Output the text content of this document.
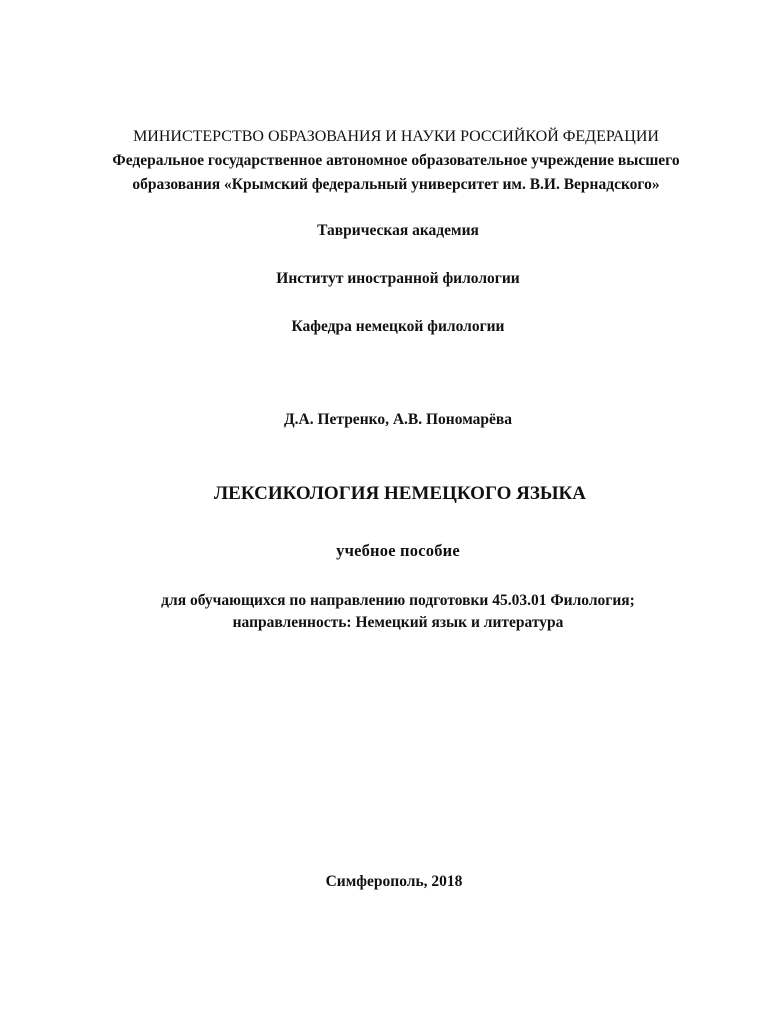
МИНИСТЕРСТВО ОБРАЗОВАНИЯ И НАУКИ РОССИЙКОЙ ФЕДЕРАЦИИ
Федеральное государственное автономное образовательное учреждение высшего
образования «Крымский федеральный университет им. В.И. Вернадского»
Таврическая академия
Институт иностранной филологии
Кафедра немецкой филологии
Д.А. Петренко, А.В. Пономарёва
ЛЕКСИКОЛОГИЯ НЕМЕЦКОГО ЯЗЫКА
учебное пособие
для обучающихся по направлению подготовки 45.03.01 Филология;
направленность: Немецкий язык и литература
Симферополь, 2018
